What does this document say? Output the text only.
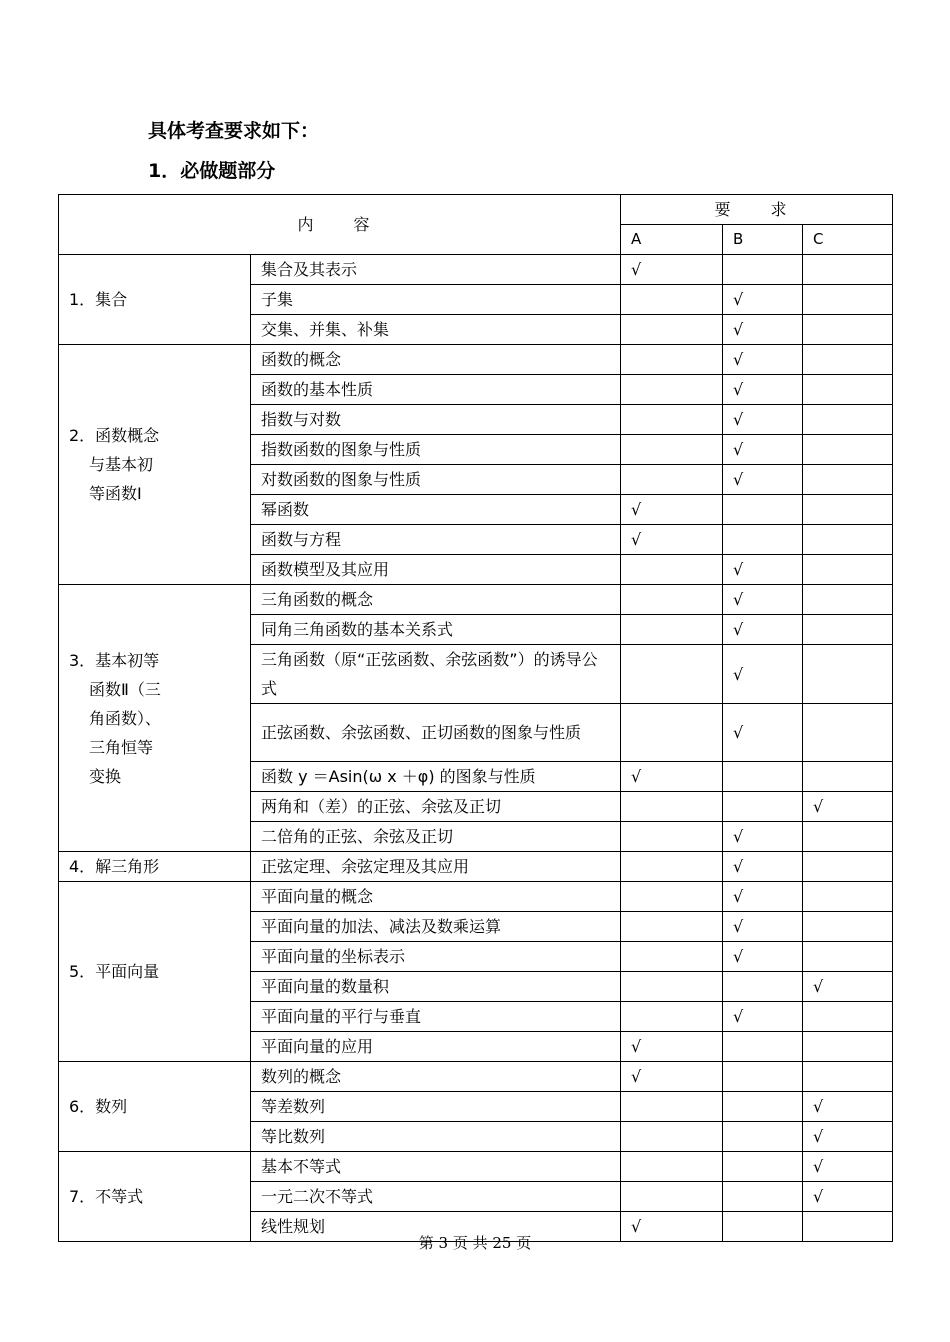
具体考查要求如下：

1．必做题部分

内　容		要　求		
		A	B	C

1．集合	集合及其表示	√		
	子集		√	
	交集、并集、补集		√	

2．函数概念
与基本初
等函数Ⅰ	函数的概念		√	
	函数的基本性质		√	
	指数与对数		√	
	指数函数的图象与性质		√	
	对数函数的图象与性质		√	
	幂函数	√		
	函数与方程	√		
	函数模型及其应用		√	

3．基本初等
函数Ⅱ（三
角函数）、
三角恒等
变换	三角函数的概念		√	
	同角三角函数的基本关系式		√	
	三角函数（原“正弦函数、余弦函数”）的诱导公式		√	
	正弦函数、余弦函数、正切函数的图象与性质		√	
	函数 y ＝Asin(ω x ＋φ) 的图象与性质	√		
	两角和（差）的正弦、余弦及正切			√
	二倍角的正弦、余弦及正切		√	

4．解三角形	正弦定理、余弦定理及其应用		√	

5．平面向量	平面向量的概念		√	
	平面向量的加法、减法及数乘运算		√	
	平面向量的坐标表示		√	
	平面向量的数量积			√
	平面向量的平行与垂直		√	
	平面向量的应用	√		

6．数列	数列的概念	√		
	等差数列			√
	等比数列			√

7．不等式	基本不等式			√
	一元二次不等式			√
	线性规划	√		
第 3 页 共 25 页
